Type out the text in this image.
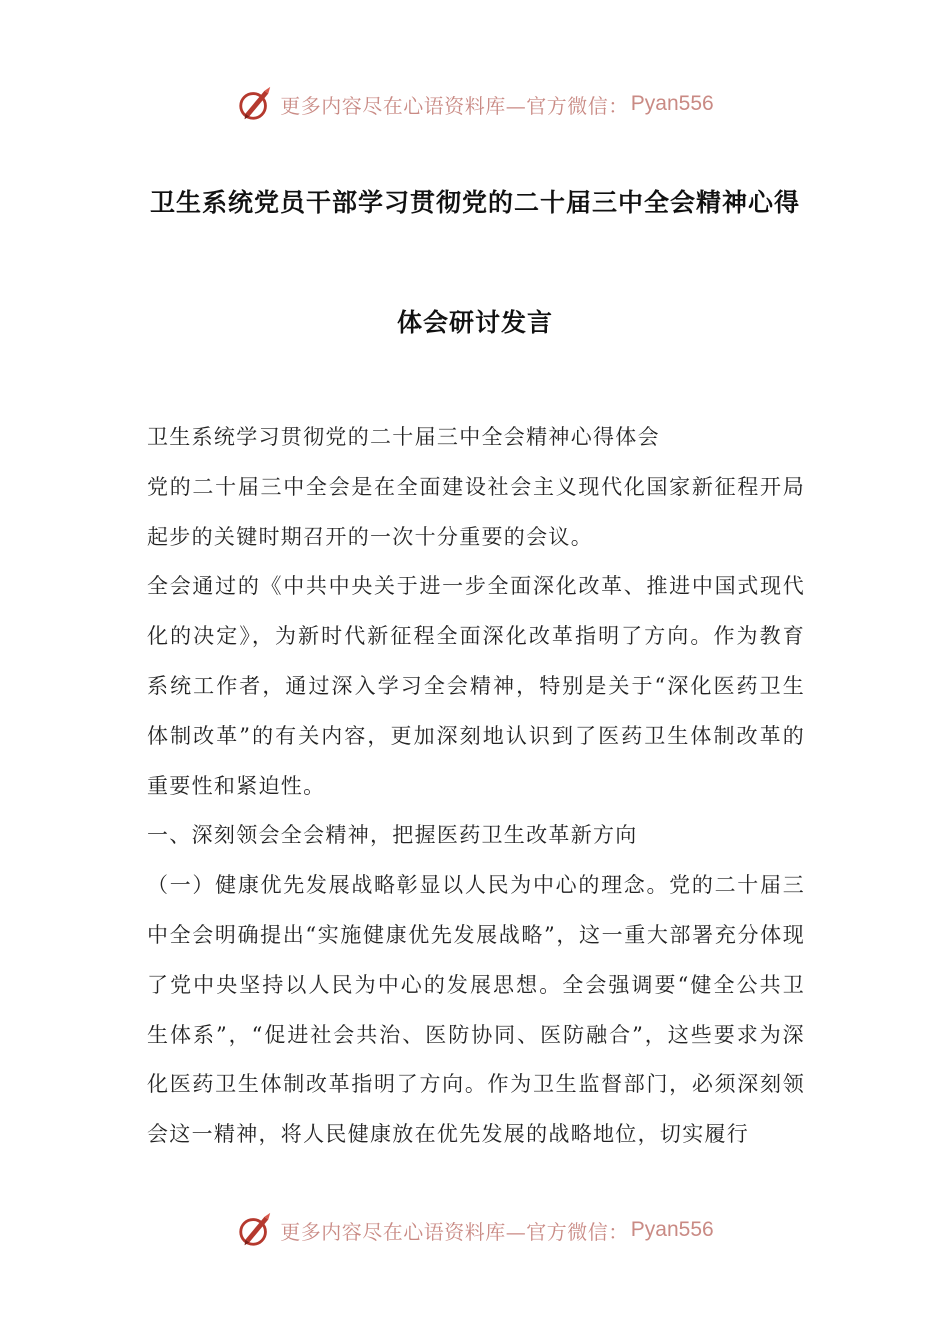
更多内容尽在心语资料库—官方微信： Pyan556
卫生系统党员干部学习贯彻党的二十届三中全会精神心得
体会研讨发言

卫生系统学习贯彻党的二十届三中全会精神心得体会

党的二十届三中全会是在全面建设社会主义现代化国家新征程开局起步的关键时期召开的一次十分重要的会议。

全会通过的《中共中央关于进一步全面深化改革、推进中国式现代化的决定》，为新时代新征程全面深化改革指明了方向。作为教育系统工作者，通过深入学习全会精神，特别是关于“深化医药卫生体制改革”的有关内容，更加深刻地认识到了医药卫生体制改革的重要性和紧迫性。

一、深刻领会全会精神，把握医药卫生改革新方向

（一）健康优先发展战略彰显以人民为中心的理念。党的二十届三中全会明确提出“实施健康优先发展战略”，这一重大部署充分体现了党中央坚持以人民为中心的发展思想。全会强调要“健全公共卫生体系”，“促进社会共治、医防协同、医防融合”，这些要求为深化医药卫生体制改革指明了方向。作为卫生监督部门，必须深刻领会这一精神，将人民健康放在优先发展的战略地位，切实履行

更多内容尽在心语资料库—官方微信： Pyan556
